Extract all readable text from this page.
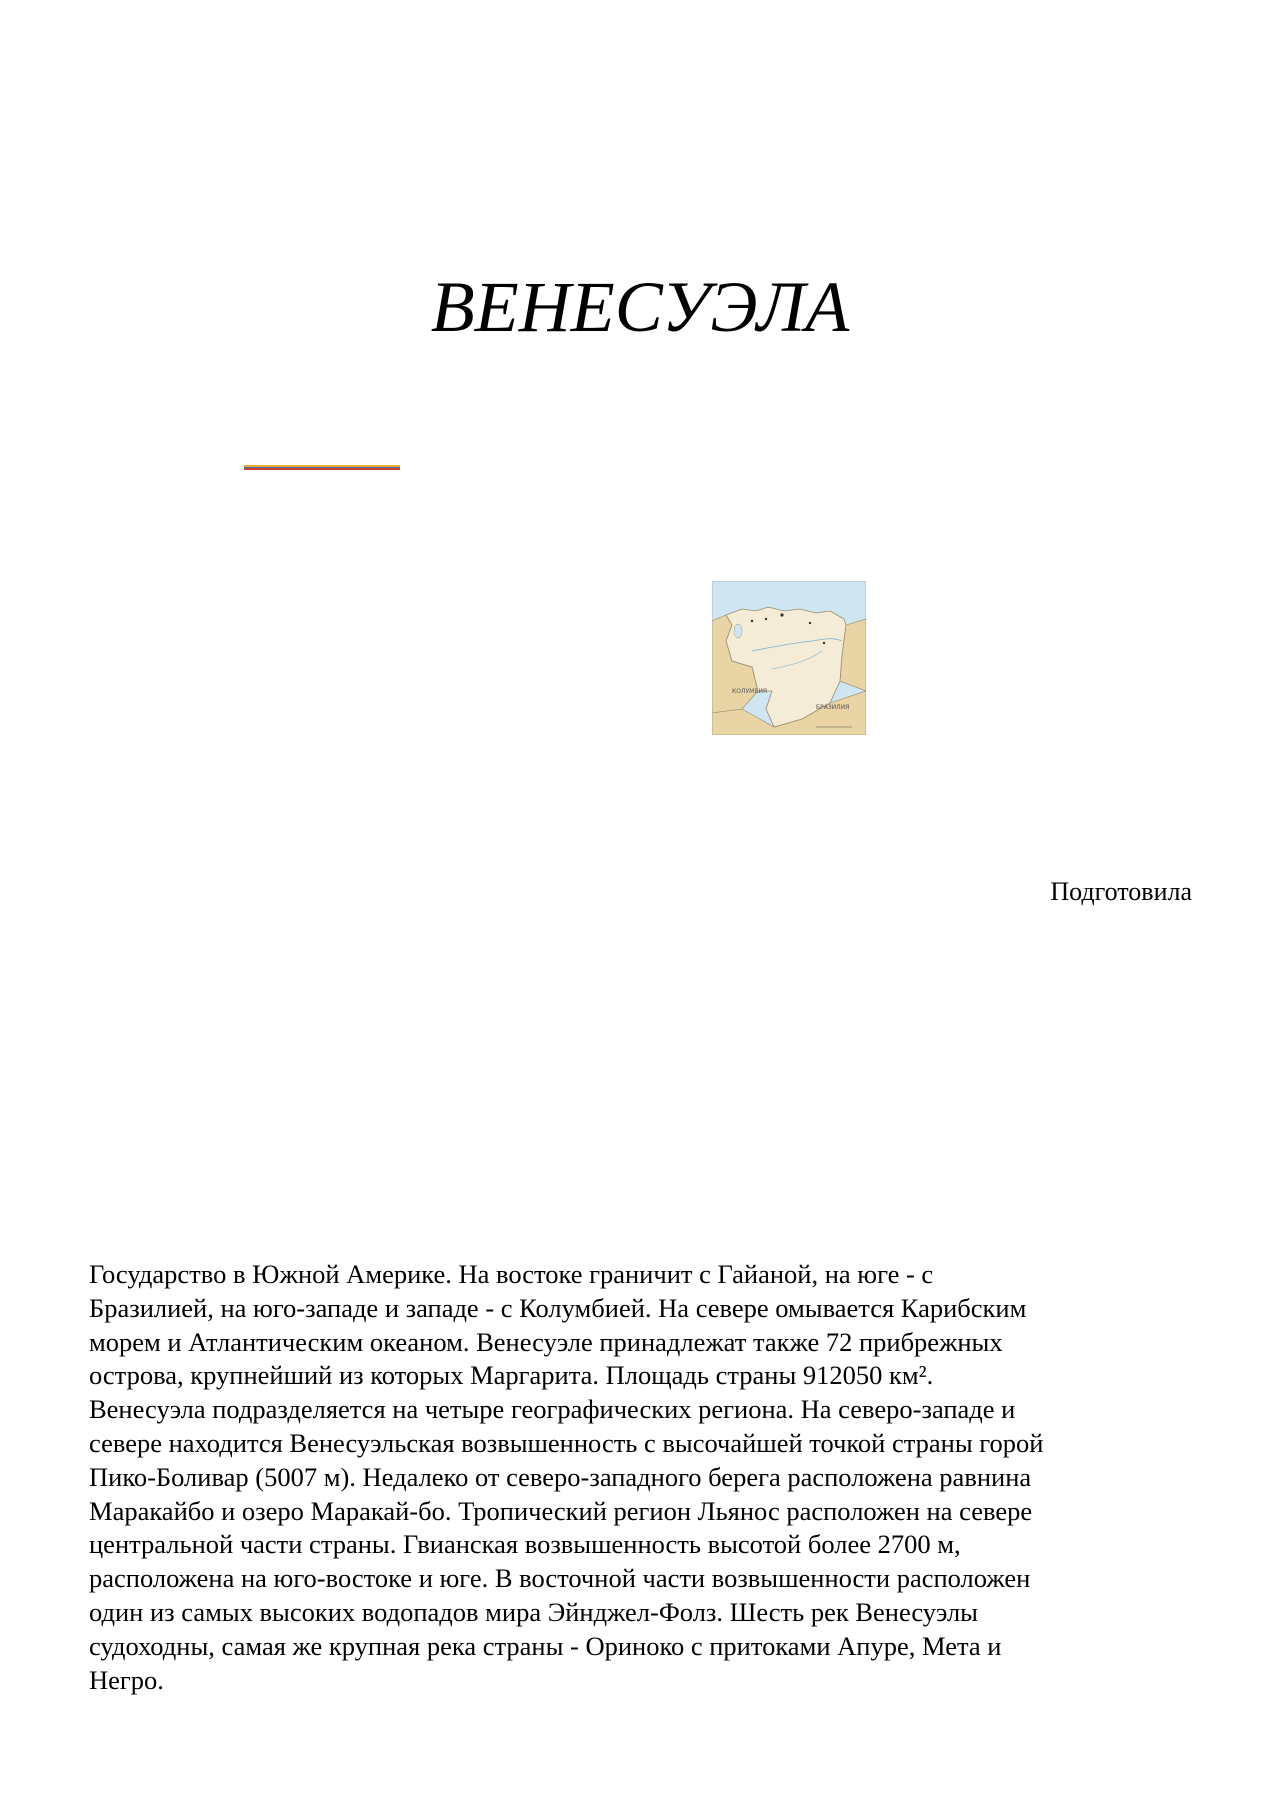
ВЕНЕСУЭЛА
КОЛУМБИЯ
БРАЗИЛИЯ
Подготовила
Государство в Южной Америке. На востоке граничит с Гайаной, на юге - с
Бразилией, на юго-западе и западе - с Колумбией. На севере омывается Карибским
морем и Атлантическим океаном. Венесуэле принадлежат также 72 прибрежных
острова, крупнейший из которых Маргарита. Площадь страны 912050 км².
Венесуэла подразделяется на четыре географических региона. На северо-западе и
севере находится Венесуэльская возвышенность с высочайшей точкой страны горой
Пико-Боливар (5007 м). Недалеко от северо-западного берега расположена равнина
Маракайбо и озеро Маракай-бо. Тропический регион Льянос расположен на севере
центральной части страны. Гвианская возвышенность высотой более 2700 м,
расположена на юго-востоке и юге. В восточной части возвышенности расположен
один из самых высоких водопадов мира Эйнджел-Фолз. Шесть рек Венесуэлы
судоходны, самая же крупная река страны - Ориноко с притоками Апуре, Мета и
Негро.
